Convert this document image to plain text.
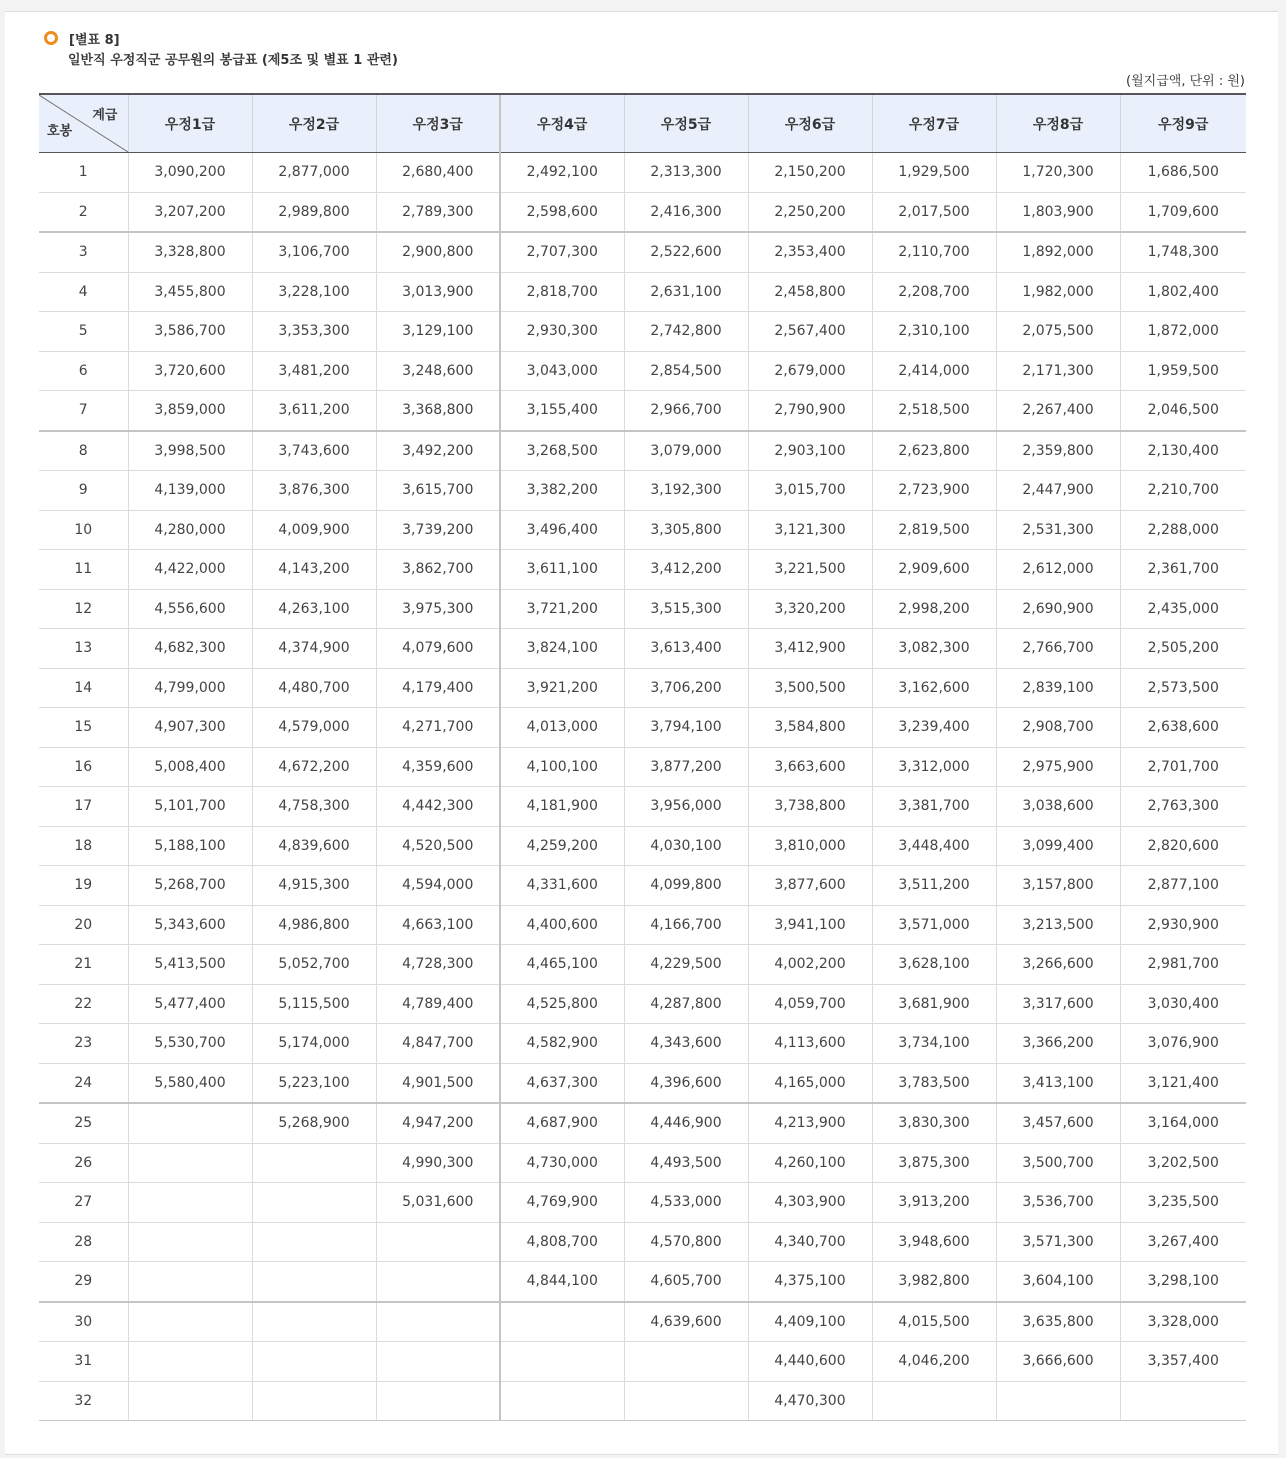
[별표 8]
일반직 우정직군 공무원의 봉급표 (제5조 및 별표 1 관련)
(월지급액, 단위 : 원)
계급
호봉	우정1급	우정2급	우정3급	우정4급	우정5급	우정6급	우정7급	우정8급	우정9급
1	3,090,200	2,877,000	2,680,400	2,492,100	2,313,300	2,150,200	1,929,500	1,720,300	1,686,500
2	3,207,200	2,989,800	2,789,300	2,598,600	2,416,300	2,250,200	2,017,500	1,803,900	1,709,600
3	3,328,800	3,106,700	2,900,800	2,707,300	2,522,600	2,353,400	2,110,700	1,892,000	1,748,300
4	3,455,800	3,228,100	3,013,900	2,818,700	2,631,100	2,458,800	2,208,700	1,982,000	1,802,400
5	3,586,700	3,353,300	3,129,100	2,930,300	2,742,800	2,567,400	2,310,100	2,075,500	1,872,000
6	3,720,600	3,481,200	3,248,600	3,043,000	2,854,500	2,679,000	2,414,000	2,171,300	1,959,500
7	3,859,000	3,611,200	3,368,800	3,155,400	2,966,700	2,790,900	2,518,500	2,267,400	2,046,500
8	3,998,500	3,743,600	3,492,200	3,268,500	3,079,000	2,903,100	2,623,800	2,359,800	2,130,400
9	4,139,000	3,876,300	3,615,700	3,382,200	3,192,300	3,015,700	2,723,900	2,447,900	2,210,700
10	4,280,000	4,009,900	3,739,200	3,496,400	3,305,800	3,121,300	2,819,500	2,531,300	2,288,000
11	4,422,000	4,143,200	3,862,700	3,611,100	3,412,200	3,221,500	2,909,600	2,612,000	2,361,700
12	4,556,600	4,263,100	3,975,300	3,721,200	3,515,300	3,320,200	2,998,200	2,690,900	2,435,000
13	4,682,300	4,374,900	4,079,600	3,824,100	3,613,400	3,412,900	3,082,300	2,766,700	2,505,200
14	4,799,000	4,480,700	4,179,400	3,921,200	3,706,200	3,500,500	3,162,600	2,839,100	2,573,500
15	4,907,300	4,579,000	4,271,700	4,013,000	3,794,100	3,584,800	3,239,400	2,908,700	2,638,600
16	5,008,400	4,672,200	4,359,600	4,100,100	3,877,200	3,663,600	3,312,000	2,975,900	2,701,700
17	5,101,700	4,758,300	4,442,300	4,181,900	3,956,000	3,738,800	3,381,700	3,038,600	2,763,300
18	5,188,100	4,839,600	4,520,500	4,259,200	4,030,100	3,810,000	3,448,400	3,099,400	2,820,600
19	5,268,700	4,915,300	4,594,000	4,331,600	4,099,800	3,877,600	3,511,200	3,157,800	2,877,100
20	5,343,600	4,986,800	4,663,100	4,400,600	4,166,700	3,941,100	3,571,000	3,213,500	2,930,900
21	5,413,500	5,052,700	4,728,300	4,465,100	4,229,500	4,002,200	3,628,100	3,266,600	2,981,700
22	5,477,400	5,115,500	4,789,400	4,525,800	4,287,800	4,059,700	3,681,900	3,317,600	3,030,400
23	5,530,700	5,174,000	4,847,700	4,582,900	4,343,600	4,113,600	3,734,100	3,366,200	3,076,900
24	5,580,400	5,223,100	4,901,500	4,637,300	4,396,600	4,165,000	3,783,500	3,413,100	3,121,400
25		5,268,900	4,947,200	4,687,900	4,446,900	4,213,900	3,830,300	3,457,600	3,164,000
26			4,990,300	4,730,000	4,493,500	4,260,100	3,875,300	3,500,700	3,202,500
27			5,031,600	4,769,900	4,533,000	4,303,900	3,913,200	3,536,700	3,235,500
28				4,808,700	4,570,800	4,340,700	3,948,600	3,571,300	3,267,400
29				4,844,100	4,605,700	4,375,100	3,982,800	3,604,100	3,298,100
30					4,639,600	4,409,100	4,015,500	3,635,800	3,328,000
31						4,440,600	4,046,200	3,666,600	3,357,400
32						4,470,300			
